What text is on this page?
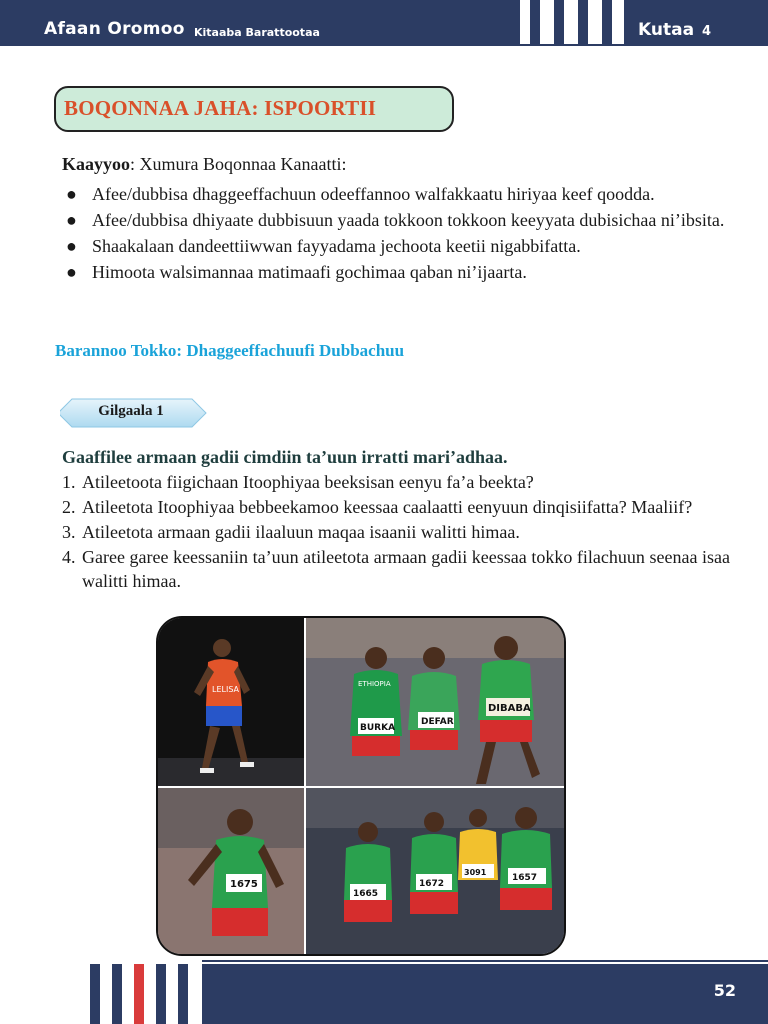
Afaan Oromoo Kitaaba Barattootaa	Kutaa 4
BOQONNAA JAHA: ISPOORTII
Kaayyoo: Xumura Boqonnaa Kanaatti:
● Afee/dubbisa dhaggeeffachuun odeeffannoo walfakkaatu hiriyaa keef qoodda.
● Afee/dubbisa dhiyaate dubbisuun yaada tokkoon tokkoon keeyyata dubisichaa ni’ibsita.
● Shaakalaan dandeettiiwwan fayyadama jechoota keetii nigabbifatta.
● Himoota walsimannaa matimaafi gochimaa qaban ni’ijaarta.
Barannoo Tokko: Dhaggeeffachuufi Dubbachuu
Gilgaala 1
Gaaffilee armaan gadii cimdiin ta’uun irratti mari’adhaa.
1. Atileetoota fiigichaan Itoophiyaa beeksisan eenyu fa’a beekta?
2. Atileetota Itoophiyaa bebbeekamoo keessaa caalaatti eenyuun dinqisiifatta? Maaliif?
3. Atileetota armaan gadii ilaaluun maqaa isaanii walitti himaa.
4. Garee garee keessaniin ta’uun atileetota armaan gadii keessaa tokko filachuun seenaa isaa walitti himaa.
LELISA
BURKA
ETHIOPIA
DEFAR
DIBABA
1675
1665
1672
3091
1657
52
